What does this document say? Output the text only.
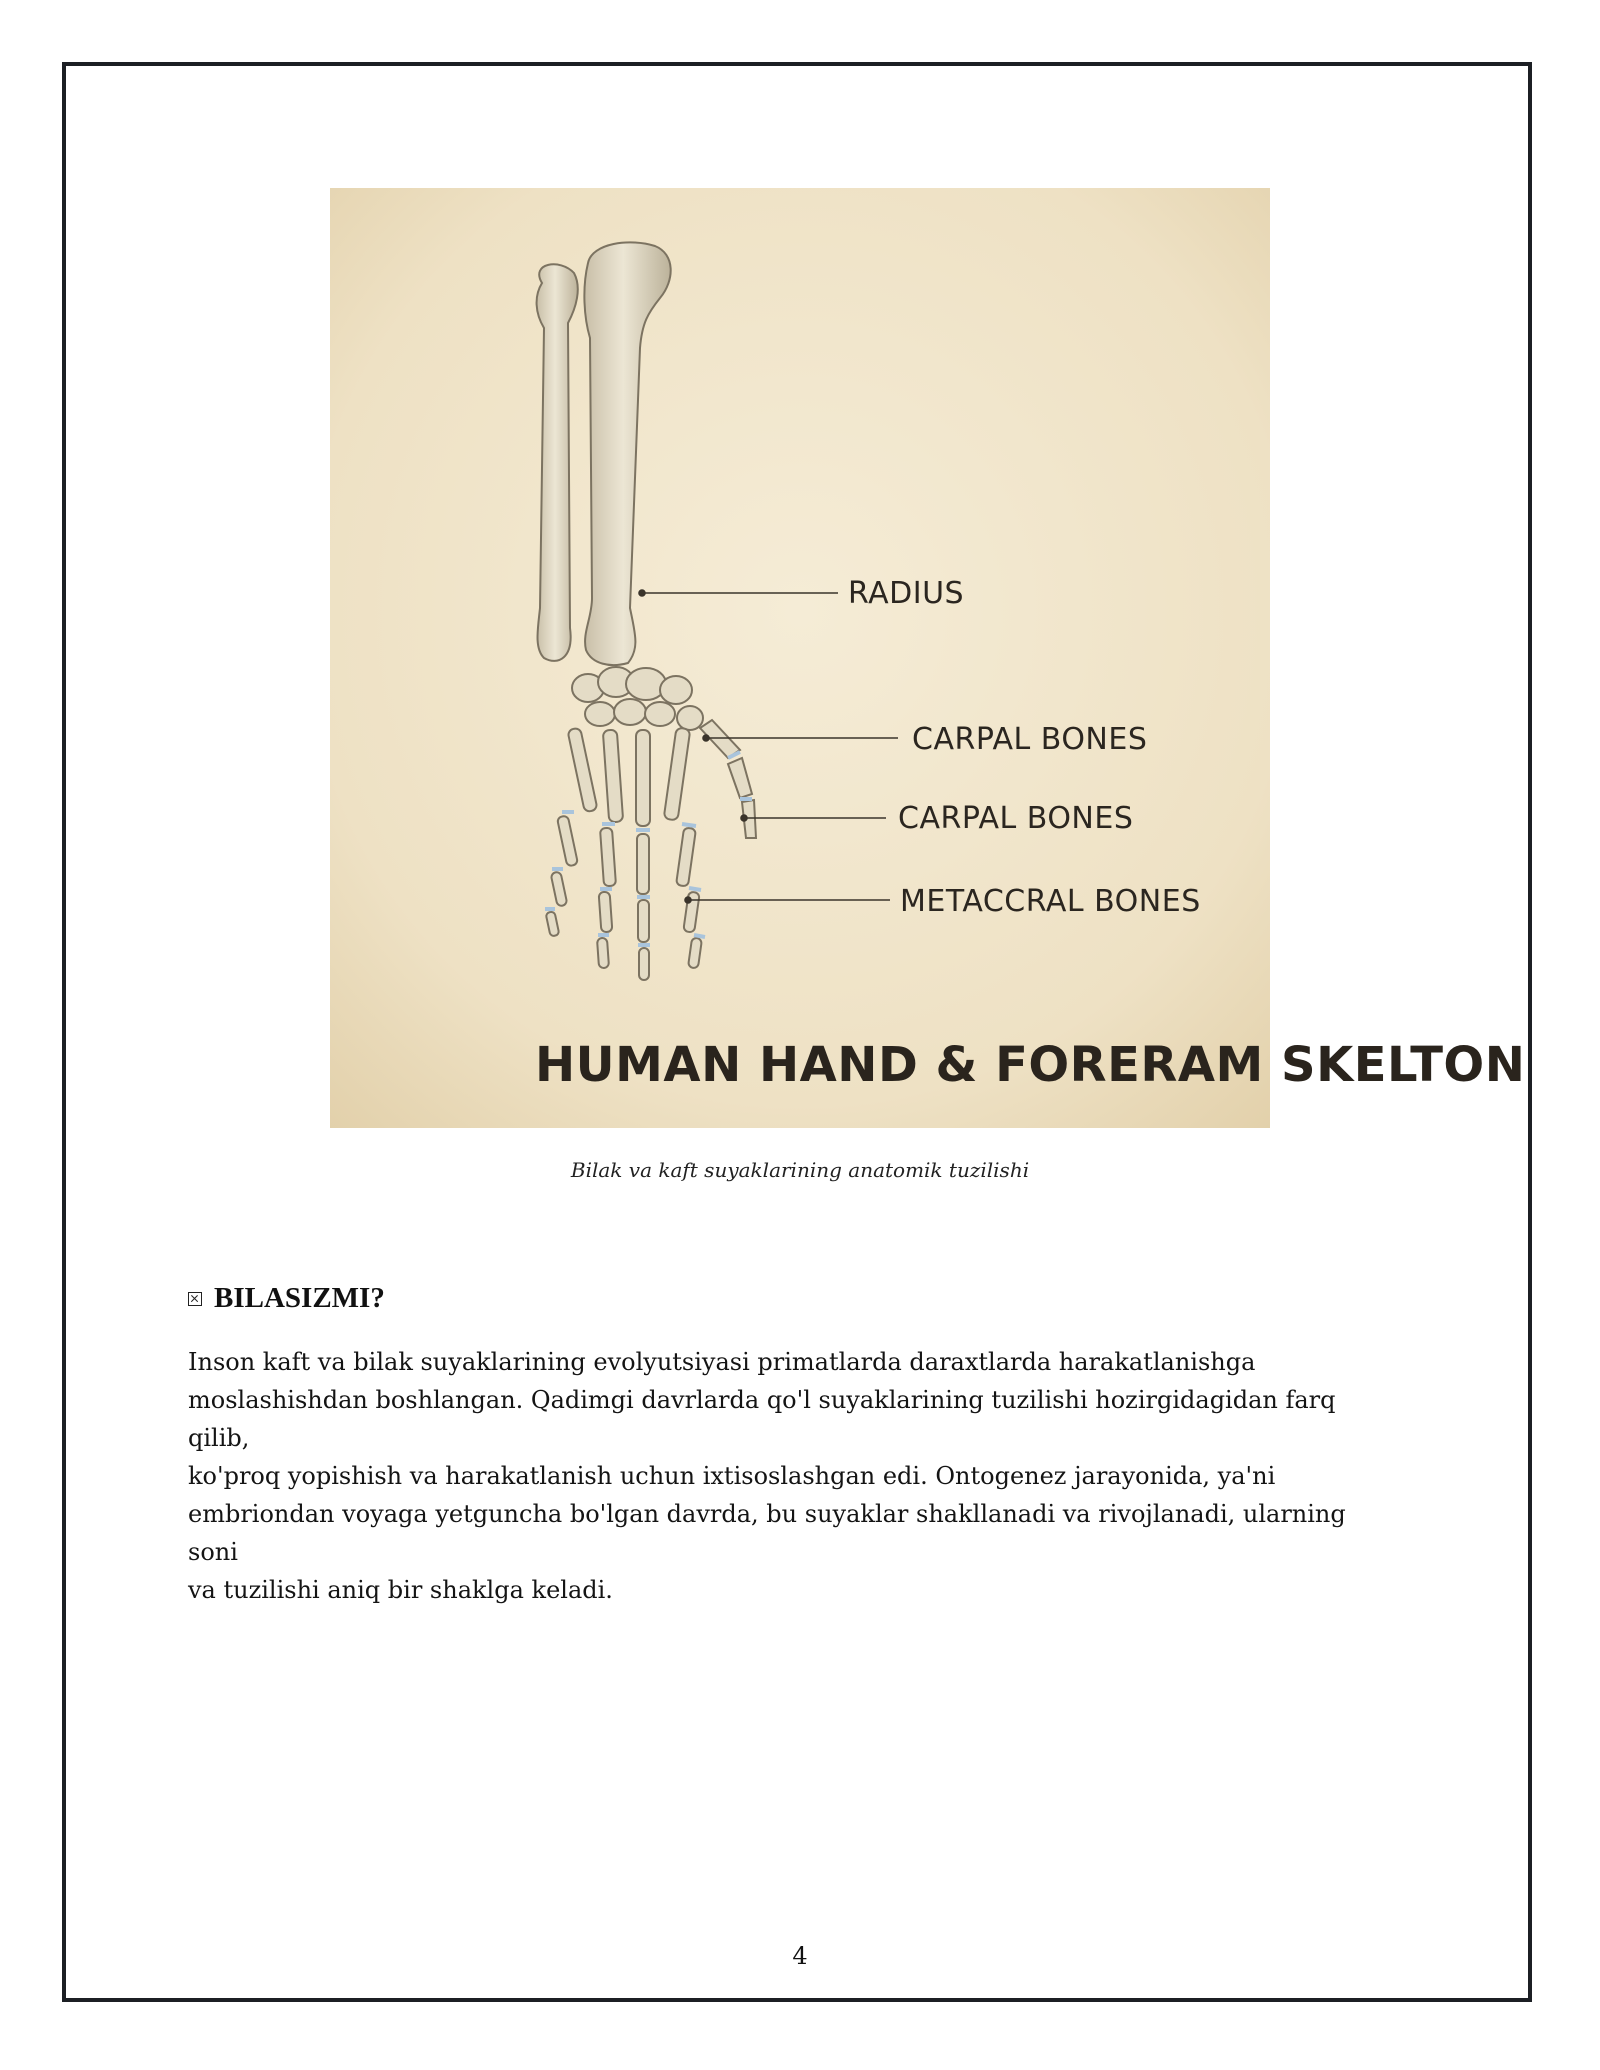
RADIUS
CARPAL BONES
CARPAL BONES
METACCRAL BONES
HUMAN HAND & FORERAM SKELTON
Bilak va kaft suyaklarining anatomik tuzilishi
BILASIZMI?

Inson kaft va bilak suyaklarining evolyutsiyasi primatlarda daraxtlarda harakatlanishga
moslashishdan boshlangan. Qadimgi davrlarda qo'l suyaklarining tuzilishi hozirgidagidan farq qilib,
ko'proq yopishish va harakatlanish uchun ixtisoslashgan edi. Ontogenez jarayonida, ya'ni
embriondan voyaga yetguncha bo'lgan davrda, bu suyaklar shakllanadi va rivojlanadi, ularning soni
va tuzilishi aniq bir shaklga keladi.

4
